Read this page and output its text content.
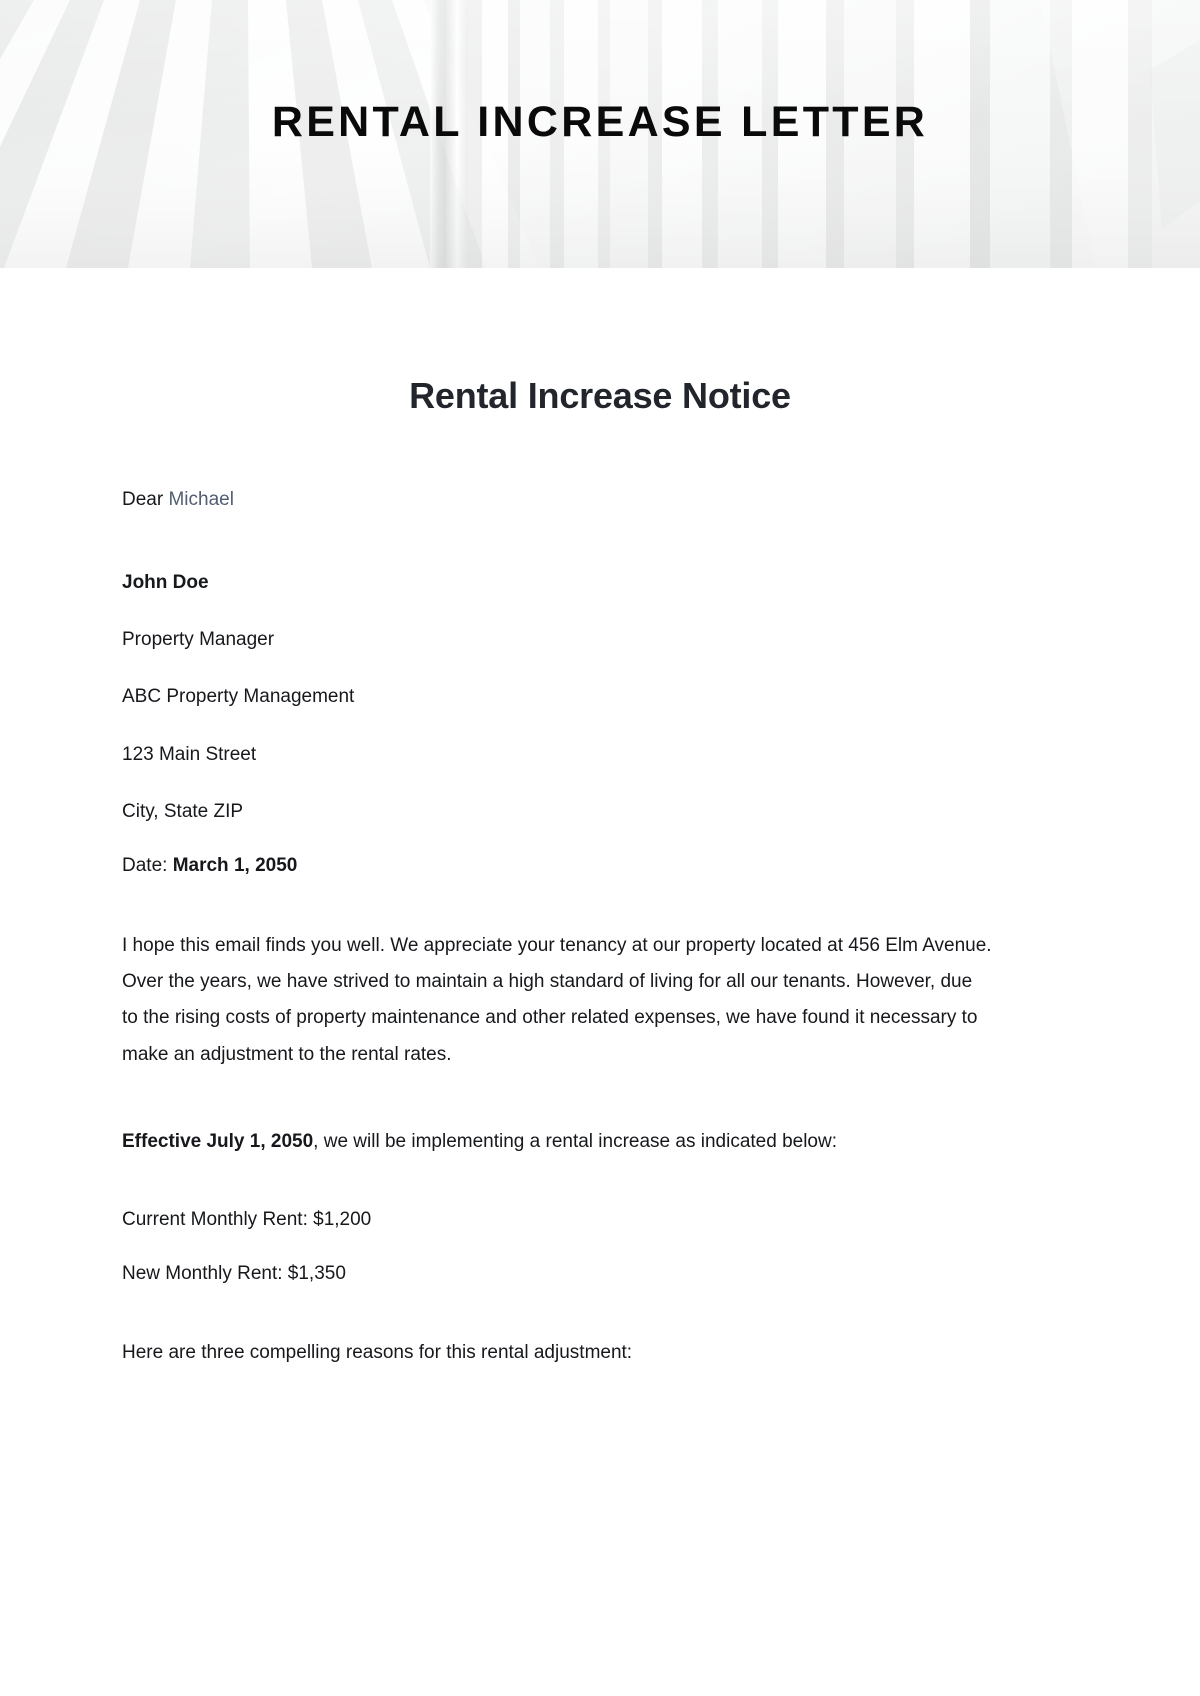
RENTAL INCREASE LETTER
Rental Increase Notice
Dear Michael
John Doe
Property Manager
ABC Property Management
123 Main Street
City, State ZIP
Date: March 1, 2050
I hope this email finds you well. We appreciate your tenancy at our property located at 456 Elm Avenue. Over the years, we have strived to maintain a high standard of living for all our tenants. However, due to the rising costs of property maintenance and other related expenses, we have found it necessary to make an adjustment to the rental rates.
Effective July 1, 2050, we will be implementing a rental increase as indicated below:
Current Monthly Rent: $1,200
New Monthly Rent: $1,350
Here are three compelling reasons for this rental adjustment:
